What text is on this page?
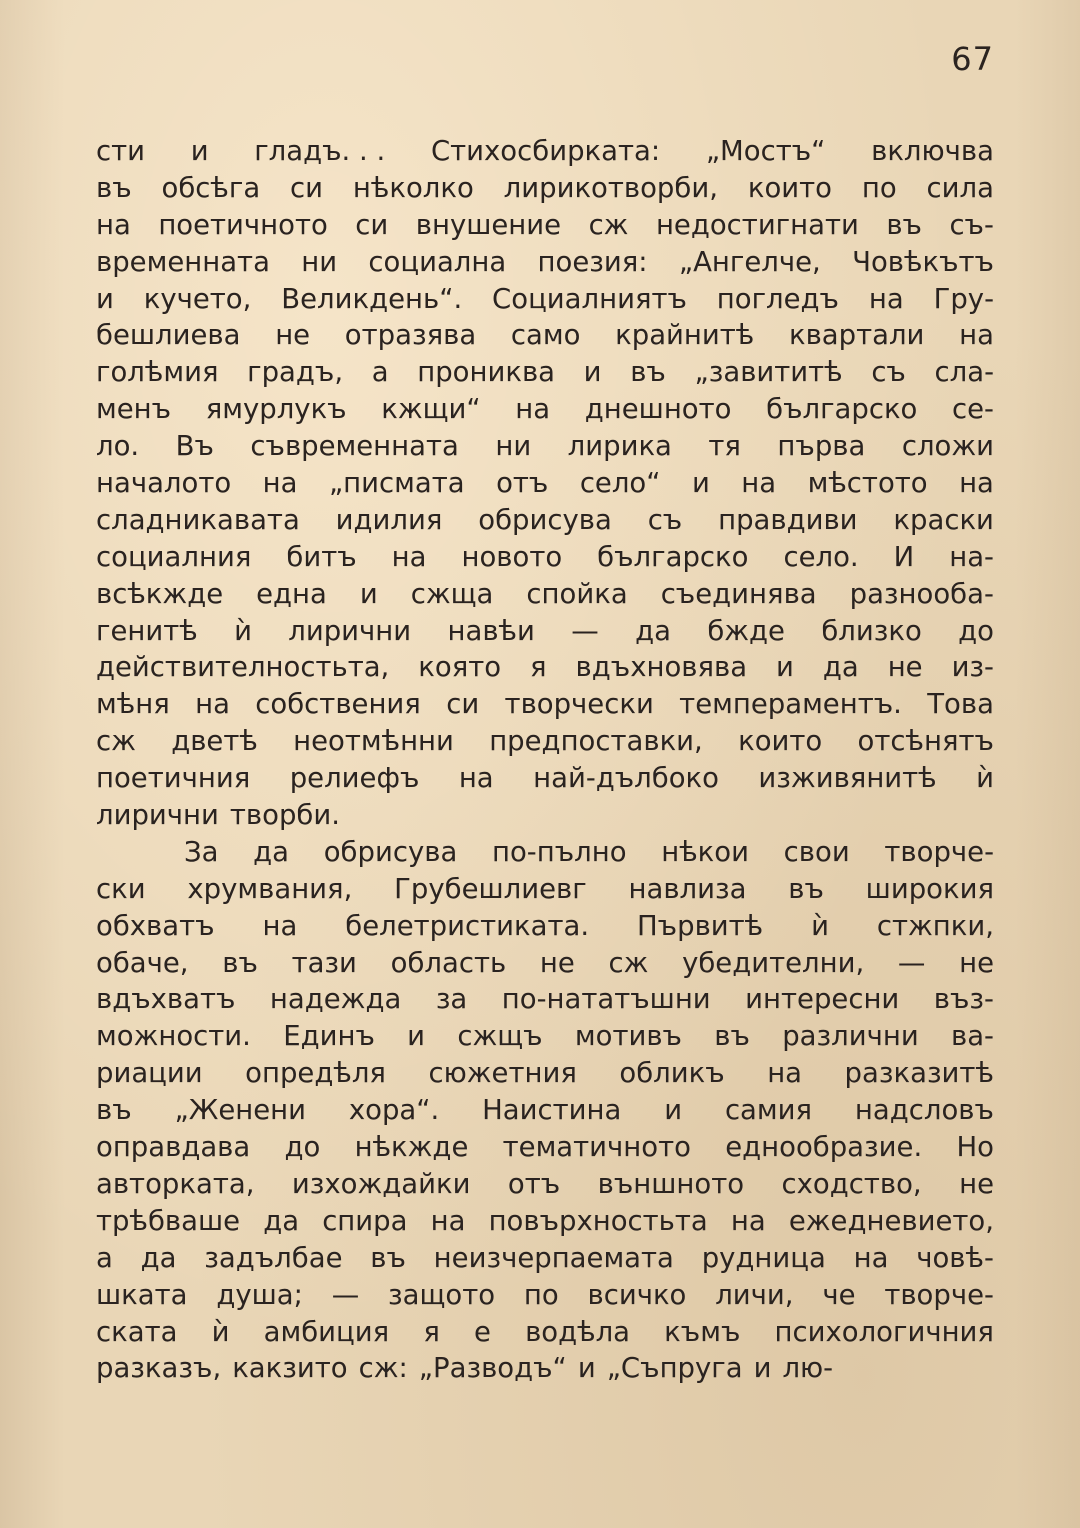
67
сти и гладъ. . . Стихосбирката: „Мостъ“ включва
въ обсѣга си нѣколко лирикотворби, които по сила
на поетичното си внушение сж недостигнати въ съ-
временната ни социална поезия: „Ангелче, Човѣкътъ
и кучето, Великдень“. Социалниятъ погледъ на Гру-
бешлиева не отразява само крайнитѣ квартали на
голѣмия градъ, а прониква и въ „завититѣ съ сла-
менъ ямурлукъ кжщи“ на днешното българско се-
ло. Въ съвременната ни лирика тя първа сложи
началото на „писмата отъ село“ и на мѣстото на
сладникавата идилия обрисува съ правдиви краски
социалния битъ на новото българско село. И на-
всѣкжде една и сжща спойка съединява разнооба-
генитѣ ѝ лирични навѣи — да бжде близко до
действителностьта, която я вдъхновява и да не из-
мѣня на собствения си творчески темпераментъ. Това
сж дветѣ неотмѣнни предпоставки, които отсѣнятъ
поетичния релиефъ на най-дълбоко изживянитѣ ѝ
лирични творби.
За да обрисува по-пълно нѣкои свои творче-
ски хрумвания, Грубешлиевг навлиза въ широкия
обхватъ на белетристиката. Първитѣ ѝ стжпки,
обаче, въ тази область не сж убедителни, — не
вдъхватъ надежда за по-нататъшни интересни въз-
можности. Единъ и сжщъ мотивъ въ различни ва-
риации опредѣля сюжетния обликъ на разказитѣ
въ „Женени хора“. Наистина и самия надсловъ
оправдава до нѣкжде тематичното еднообразие. Но
авторката, изхождайки отъ външното сходство, не
трѣбваше да спира на повърхностьта на ежедневието,
а да задълбае въ неизчерпаемата рудница на човѣ-
шката душа; — защото по всичко личи, че творче-
ската ѝ амбиция я е водѣла къмъ психологичния
разказъ, какзито сж: „Разводъ“ и „Съпруга и лю-
